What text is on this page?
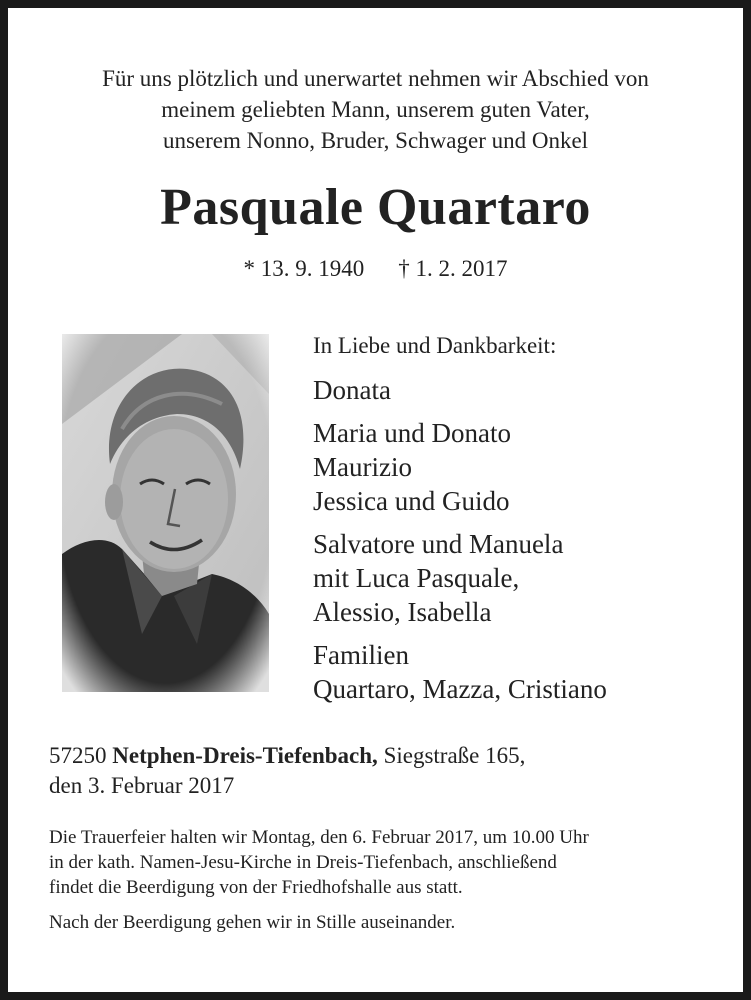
Für uns plötzlich und unerwartet nehmen wir Abschied von
meinem geliebten Mann, unserem guten Vater,
unserem Nonno, Bruder, Schwager und Onkel
Pasquale Quartaro
* 13. 9. 1940 † 1. 2. 2017
In Liebe und Dankbarkeit:
Donata
Maria und Donato
Maurizio
Jessica und Guido
Salvatore und Manuela
mit Luca Pasquale,
Alessio, Isabella
Familien
Quartaro, Mazza, Cristiano
57250 Netphen-Dreis-Tiefenbach, Siegstraße 165,
den 3. Februar 2017
Die Trauerfeier halten wir Montag, den 6. Februar 2017, um 10.00 Uhr
in der kath. Namen-Jesu-Kirche in Dreis-Tiefenbach, anschließend
findet die Beerdigung von der Friedhofshalle aus statt.
Nach der Beerdigung gehen wir in Stille auseinander.
